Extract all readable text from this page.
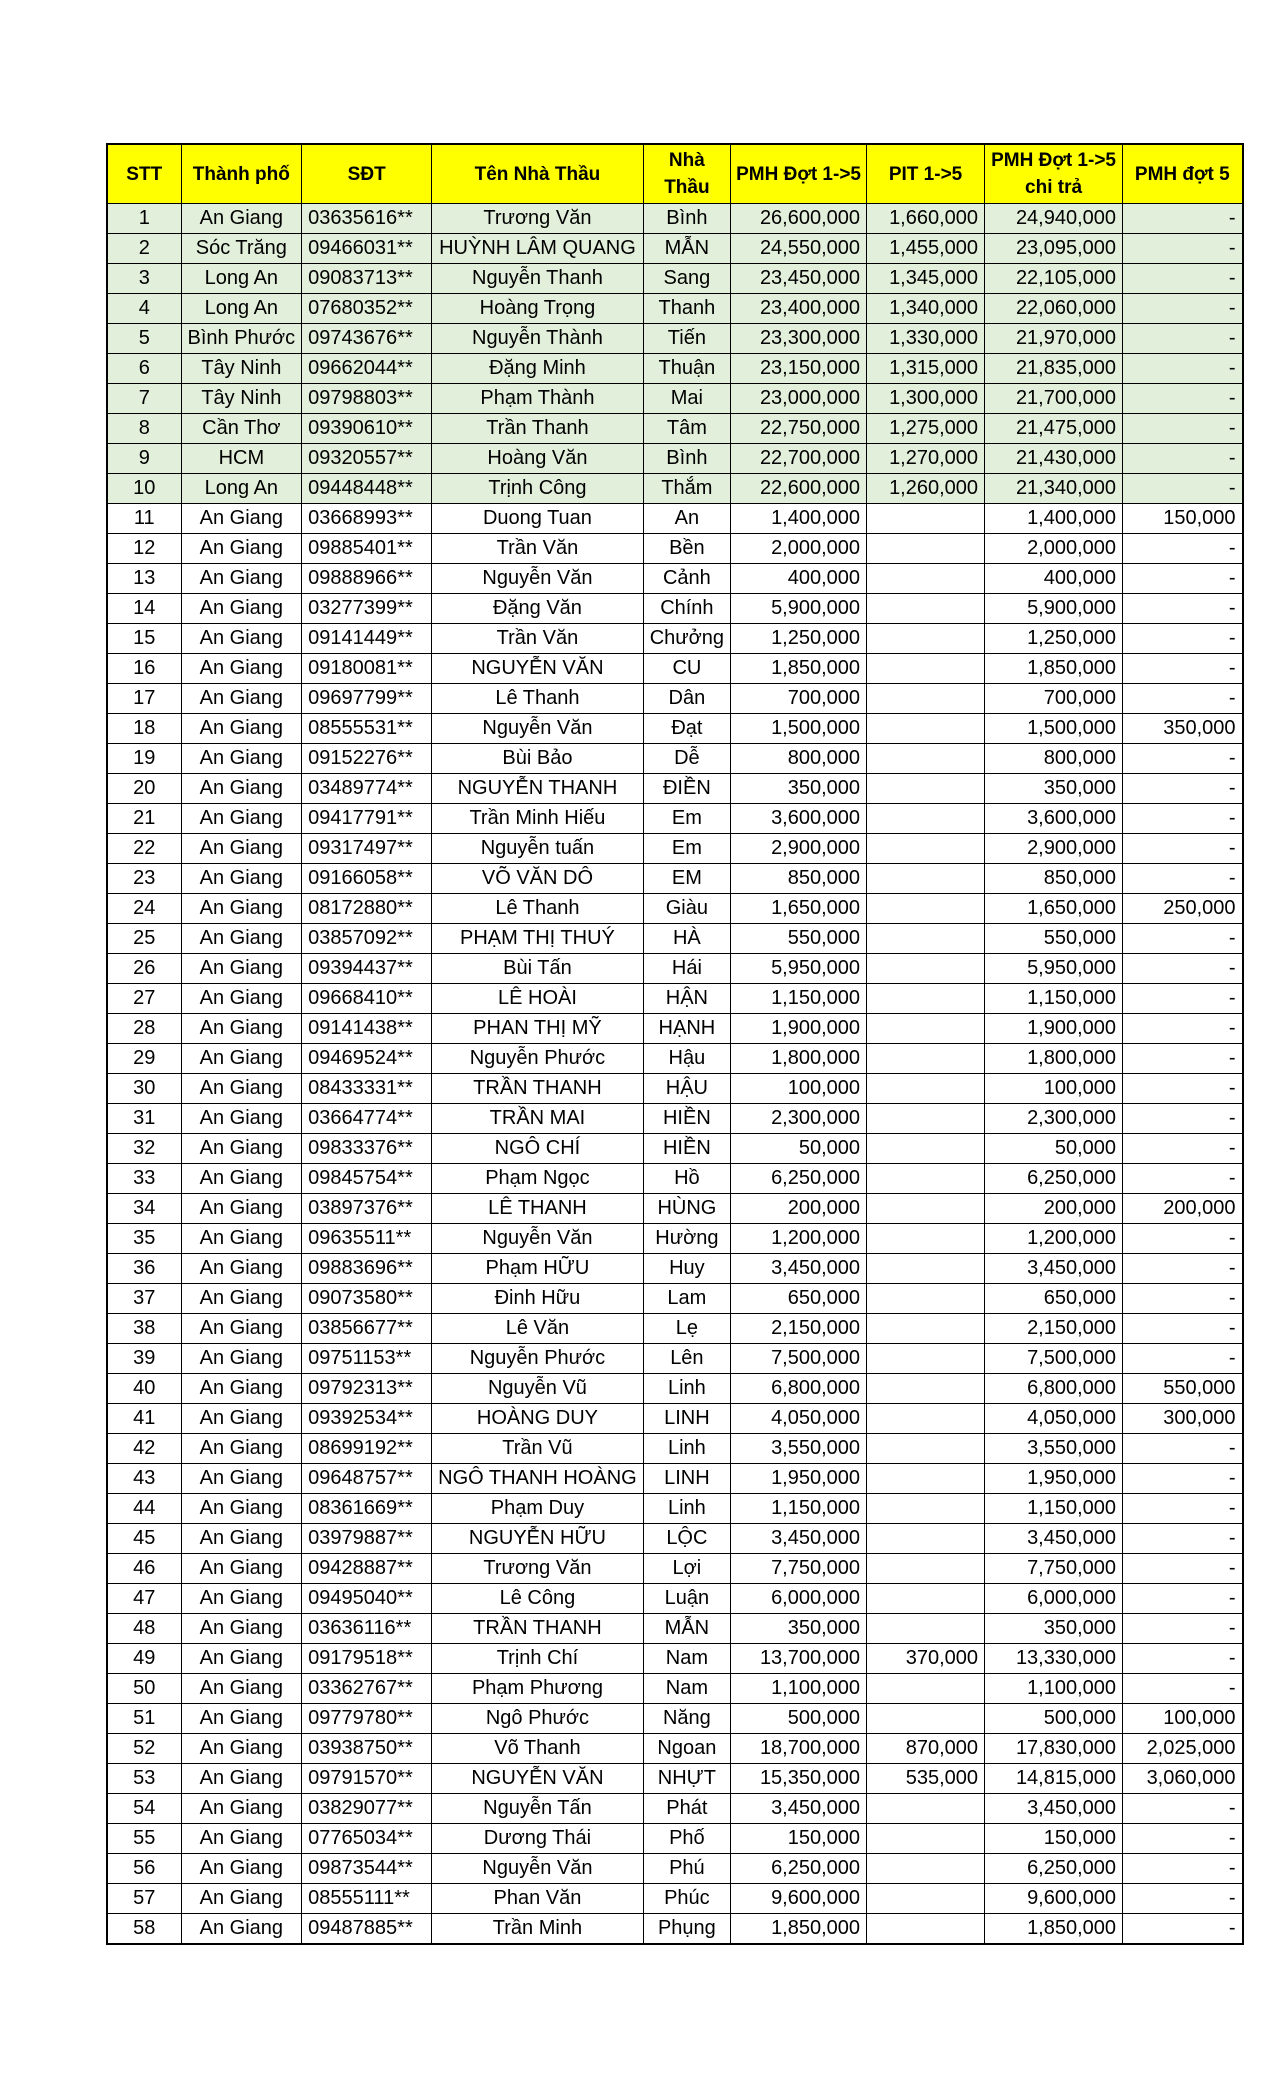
STT	Thành phố	SĐT	Tên Nhà Thầu	Nhà Thầu	PMH Đợt 1->5	PIT 1->5	PMH Đợt 1->5 chi trả	PMH đợt 5
1	An Giang	03635616**	Trương Văn	Bình	26,600,000	1,660,000	24,940,000	-
2	Sóc Trăng	09466031**	HUỲNH LÂM QUANG	MẪN	24,550,000	1,455,000	23,095,000	-
3	Long An	09083713**	Nguyễn Thanh	Sang	23,450,000	1,345,000	22,105,000	-
4	Long An	07680352**	Hoàng Trọng	Thanh	23,400,000	1,340,000	22,060,000	-
5	Bình Phước	09743676**	Nguyễn Thành	Tiến	23,300,000	1,330,000	21,970,000	-
6	Tây Ninh	09662044**	Đặng Minh	Thuận	23,150,000	1,315,000	21,835,000	-
7	Tây Ninh	09798803**	Phạm Thành	Mai	23,000,000	1,300,000	21,700,000	-
8	Cần Thơ	09390610**	Trần Thanh	Tâm	22,750,000	1,275,000	21,475,000	-
9	HCM	09320557**	Hoàng Văn	Bình	22,700,000	1,270,000	21,430,000	-
10	Long An	09448448**	Trịnh Công	Thắm	22,600,000	1,260,000	21,340,000	-
11	An Giang	03668993**	Duong Tuan	An	1,400,000		1,400,000	150,000
12	An Giang	09885401**	Trần Văn	Bền	2,000,000		2,000,000	-
13	An Giang	09888966**	Nguyễn Văn	Cảnh	400,000		400,000	-
14	An Giang	03277399**	Đặng Văn	Chính	5,900,000		5,900,000	-
15	An Giang	09141449**	Trần Văn	Chưởng	1,250,000		1,250,000	-
16	An Giang	09180081**	NGUYỄN VĂN	CU	1,850,000		1,850,000	-
17	An Giang	09697799**	Lê Thanh	Dân	700,000		700,000	-
18	An Giang	08555531**	Nguyễn Văn	Đạt	1,500,000		1,500,000	350,000
19	An Giang	09152276**	Bùi Bảo	Dễ	800,000		800,000	-
20	An Giang	03489774**	NGUYỄN THANH	ĐIỀN	350,000		350,000	-
21	An Giang	09417791**	Trần Minh Hiếu	Em	3,600,000		3,600,000	-
22	An Giang	09317497**	Nguyễn tuấn	Em	2,900,000		2,900,000	-
23	An Giang	09166058**	VÕ VĂN DÔ	EM	850,000		850,000	-
24	An Giang	08172880**	Lê Thanh	Giàu	1,650,000		1,650,000	250,000
25	An Giang	03857092**	PHẠM THỊ THUÝ	HÀ	550,000		550,000	-
26	An Giang	09394437**	Bùi Tấn	Hái	5,950,000		5,950,000	-
27	An Giang	09668410**	LÊ HOÀI	HẬN	1,150,000		1,150,000	-
28	An Giang	09141438**	PHAN THỊ MỸ	HẠNH	1,900,000		1,900,000	-
29	An Giang	09469524**	Nguyễn Phước	Hậu	1,800,000		1,800,000	-
30	An Giang	08433331**	TRẦN THANH	HẬU	100,000		100,000	-
31	An Giang	03664774**	TRẦN MAI	HIỀN	2,300,000		2,300,000	-
32	An Giang	09833376**	NGÔ CHÍ	HIỀN	50,000		50,000	-
33	An Giang	09845754**	Phạm Ngọc	Hồ	6,250,000		6,250,000	-
34	An Giang	03897376**	LÊ THANH	HÙNG	200,000		200,000	200,000
35	An Giang	09635511**	Nguyễn Văn	Hường	1,200,000		1,200,000	-
36	An Giang	09883696**	Phạm HỮU	Huy	3,450,000		3,450,000	-
37	An Giang	09073580**	Đinh Hữu	Lam	650,000		650,000	-
38	An Giang	03856677**	Lê Văn	Lẹ	2,150,000		2,150,000	-
39	An Giang	09751153**	Nguyễn Phước	Lên	7,500,000		7,500,000	-
40	An Giang	09792313**	Nguyễn Vũ	Linh	6,800,000		6,800,000	550,000
41	An Giang	09392534**	HOÀNG DUY	LINH	4,050,000		4,050,000	300,000
42	An Giang	08699192**	Trần Vũ	Linh	3,550,000		3,550,000	-
43	An Giang	09648757**	NGÔ THANH HOÀNG	LINH	1,950,000		1,950,000	-
44	An Giang	08361669**	Phạm Duy	Linh	1,150,000		1,150,000	-
45	An Giang	03979887**	NGUYỄN HỮU	LỘC	3,450,000		3,450,000	-
46	An Giang	09428887**	Trương Văn	Lợi	7,750,000		7,750,000	-
47	An Giang	09495040**	Lê Công	Luận	6,000,000		6,000,000	-
48	An Giang	03636116**	TRẦN THANH	MẪN	350,000		350,000	-
49	An Giang	09179518**	Trịnh Chí	Nam	13,700,000	370,000	13,330,000	-
50	An Giang	03362767**	Phạm Phương	Nam	1,100,000		1,100,000	-
51	An Giang	09779780**	Ngô Phước	Năng	500,000		500,000	100,000
52	An Giang	03938750**	Võ Thanh	Ngoan	18,700,000	870,000	17,830,000	2,025,000
53	An Giang	09791570**	NGUYỄN VĂN	NHỰT	15,350,000	535,000	14,815,000	3,060,000
54	An Giang	03829077**	Nguyễn Tấn	Phát	3,450,000		3,450,000	-
55	An Giang	07765034**	Dương Thái	Phố	150,000		150,000	-
56	An Giang	09873544**	Nguyễn Văn	Phú	6,250,000		6,250,000	-
57	An Giang	08555111**	Phan Văn	Phúc	9,600,000		9,600,000	-
58	An Giang	09487885**	Trần Minh	Phụng	1,850,000		1,850,000	-
